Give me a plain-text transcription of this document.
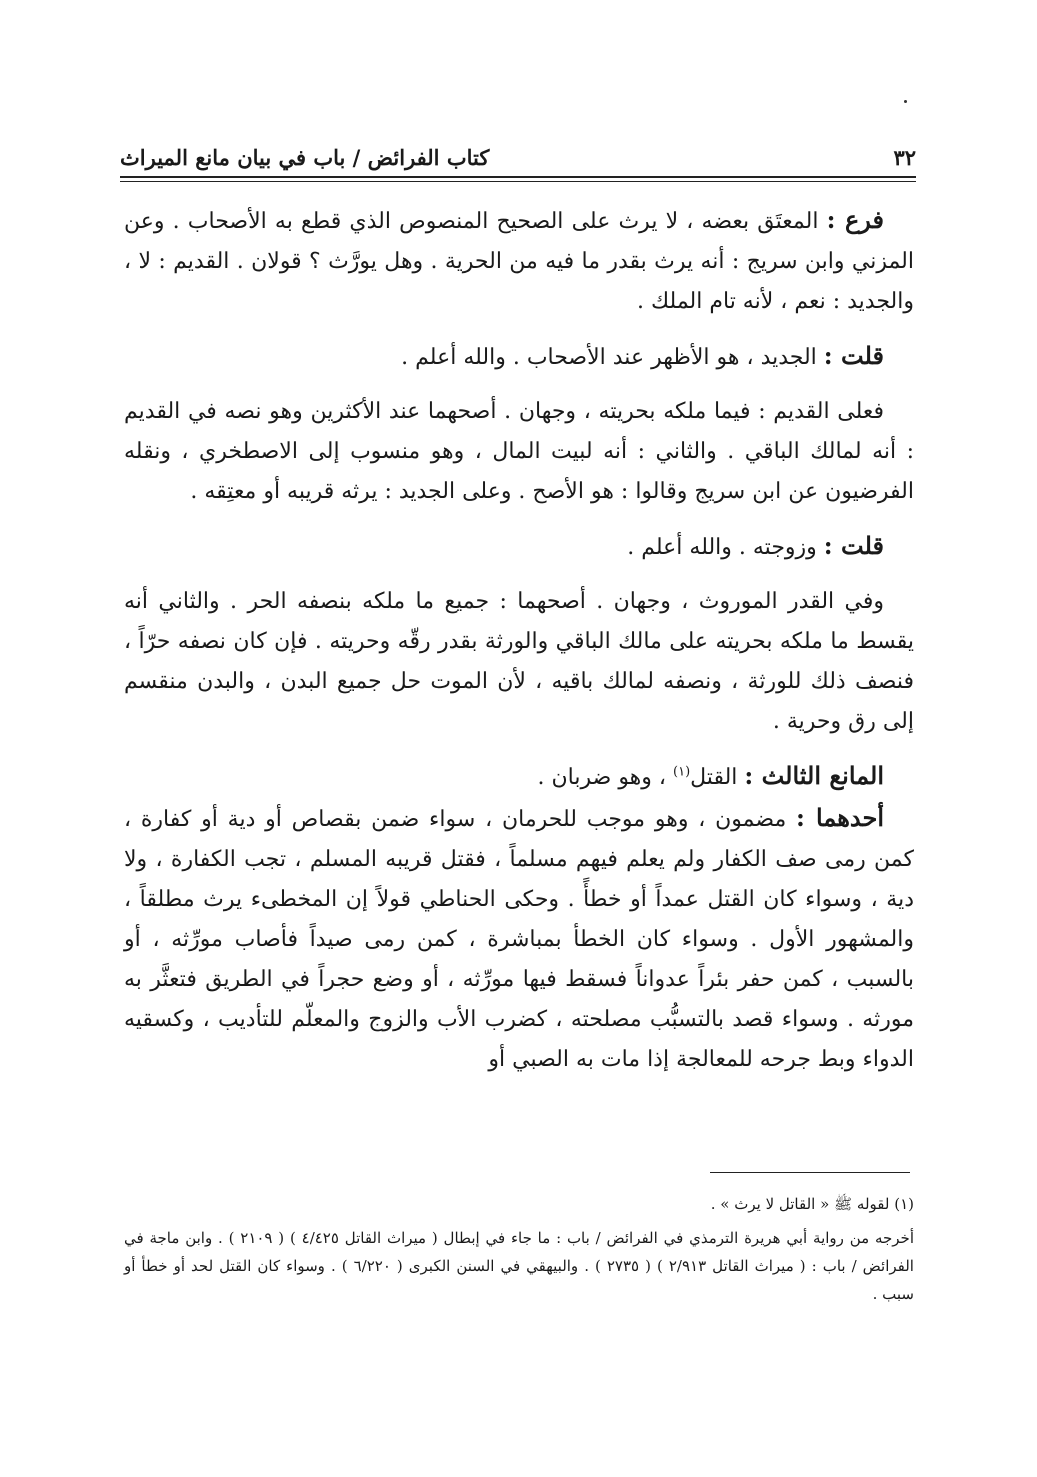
٣٢
كتاب الفرائض / باب في بيان مانع الميراث

فرع : المعتَق بعضه ، لا يرث على الصحيح المنصوص الذي قطع به الأصحاب . وعن المزني وابن سريج : أنه يرث بقدر ما فيه من الحرية . وهل يورَّث ؟ قولان . القديم : لا ، والجديد : نعم ، لأنه تام الملك .

قلت : الجديد ، هو الأظهر عند الأصحاب . والله أعلم .

فعلى القديم : فيما ملكه بحريته ، وجهان . أصحهما عند الأكثرين وهو نصه في القديم : أنه لمالك الباقي . والثاني : أنه لبيت المال ، وهو منسوب إلى الاصطخري ، ونقله الفرضيون عن ابن سريج وقالوا : هو الأصح . وعلى الجديد : يرثه قريبه أو معتِقه .

قلت : وزوجته . والله أعلم .

وفي القدر الموروث ، وجهان . أصحهما : جميع ما ملكه بنصفه الحر . والثاني أنه يقسط ما ملكه بحريته على مالك الباقي والورثة بقدر رقّه وحريته . فإن كان نصفه حرّاً ، فنصف ذلك للورثة ، ونصفه لمالك باقيه ، لأن الموت حل جميع البدن ، والبدن منقسم إلى رق وحرية .

المانع الثالث : القتل$^{(١)}$ ، وهو ضربان .

أحدهما : مضمون ، وهو موجب للحرمان ، سواء ضمن بقصاص أو دية أو كفارة ، كمن رمى صف الكفار ولم يعلم فيهم مسلماً ، فقتل قريبه المسلم ، تجب الكفارة ، ولا دية ، وسواء كان القتل عمداً أو خطأً . وحكى الحناطي قولاً إن المخطىء يرث مطلقاً ، والمشهور الأول . وسواء كان الخطأ بمباشرة ، كمن رمى صيداً فأصاب مورِّثه ، أو بالسبب ، كمن حفر بئراً عدواناً فسقط فيها مورِّثه ، أو وضع حجراً في الطريق فتعثَّر به مورثه . وسواء قصد بالتسبُّب مصلحته ، كضرب الأب والزوج والمعلّم للتأديب ، وكسقيه الدواء وبط جرحه للمعالجة إذا مات به الصبي أو

(١) لقوله ﷺ « القاتل لا يرث » .

أخرجه من رواية أبي هريرة الترمذي في الفرائض / باب : ما جاء في إبطال ( ميراث القاتل ٤/٤٢٥ ) ( ٢١٠٩ ) . وابن ماجة في الفرائض / باب : ( ميراث القاتل ٢/٩١٣ ) ( ٢٧٣٥ ) . والبيهقي في السنن الكبرى ( ٦/٢٢٠ ) . وسواء كان القتل لحد أو خطأ أو سبب .
